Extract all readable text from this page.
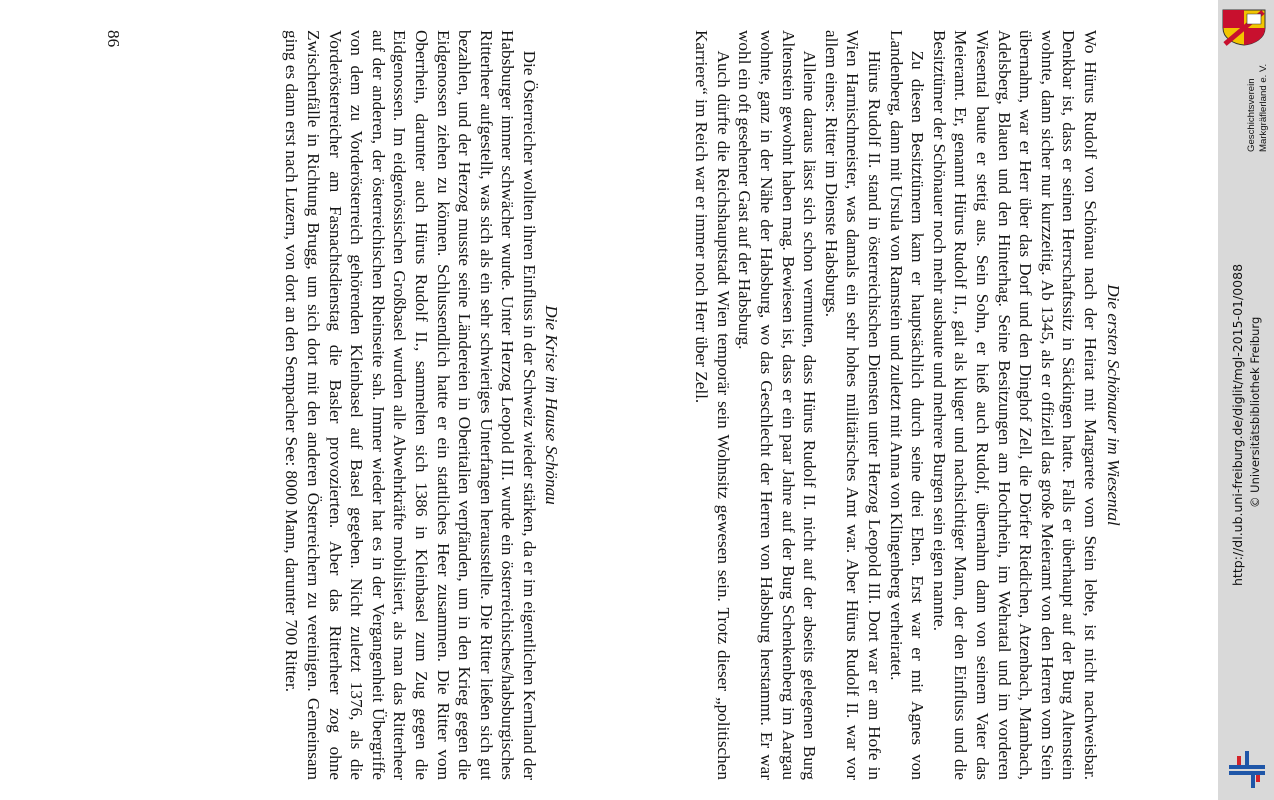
Die ersten Schönauer im Wiesental

Wo Hürus Rudolf von Schönau nach der Heirat mit Margarete vom Stein lebte, ist nicht nachweisbar. Denkbar ist, dass er seinen Herrschaftssitz in Säckingen hatte. Falls er überhaupt auf der Burg Altenstein wohnte, dann sicher nur kurzzeitig. Ab 1345, als er offiziell das große Meieramt von den Herren vom Stein übernahm, war er Herr über das Dorf und den Dinghof Zell, die Dörfer Riedichen, Atzenbach, Mambach, Adelsberg, Blauen und den Hinterhag. Seine Besitzungen am Hochrhein, im Wehratal und im vorderen Wiesental baute er stetig aus. Sein Sohn, er hieß auch Rudolf, übernahm dann von seinem Vater das Meieramt. Er, genannt Hürus Rudolf II., galt als kluger und nachsichtiger Mann, der den Einfluss und die Besitztümer der Schönauer noch mehr ausbaute und mehrere Burgen sein eigen nannte.

Zu diesen Besitztümern kam er hauptsächlich durch seine drei Ehen. Erst war er mit Agnes von Landenberg, dann mit Ursula von Ramstein und zuletzt mit Anna von Klingenberg verheiratet.

Hürus Rudolf II. stand in österreichischen Diensten unter Herzog Leopold III. Dort war er am Hofe in Wien Harnischmeister, was damals ein sehr hohes militärisches Amt war. Aber Hürus Rudolf II. war vor allem eines: Ritter im Dienste Habsburgs.

Alleine daraus lässt sich schon vermuten, dass Hürus Rudolf II. nicht auf der abseits gelegenen Burg Altenstein gewohnt haben mag. Bewiesen ist, dass er ein paar Jahre auf der Burg Schenkenberg im Aargau wohnte, ganz in der Nähe der Habsburg, wo das Geschlecht der Herren von Habsburg herstammt. Er war wohl ein oft gesehener Gast auf der Habsburg.

Auch dürfte die Reichshauptstadt Wien temporär sein Wohnsitz gewesen sein. Trotz dieser „politischen Karriere“ im Reich war er immer noch Herr über Zell.

Die Krise im Hause Schönau

Die Österreicher wollten ihren Einfluss in der Schweiz wieder stärken, da er im eigentlichen Kernland der Habsburger immer schwächer wurde. Unter Herzog Leopold III. wurde ein österreichisches/habsburgisches Ritterheer aufgestellt, was sich als ein sehr schwieriges Unterfangen herausstellte. Die Ritter ließen sich gut bezahlen, und der Herzog musste seine Ländereien in Oberitalien verpfänden, um in den Krieg gegen die Eidgenossen ziehen zu können. Schlussendlich hatte er ein stattliches Heer zusammen. Die Ritter vom Oberrhein, darunter auch Hürus Rudolf II., sammelten sich 1386 in Kleinbasel zum Zug gegen die Eidgenossen. Im eidgenössischen Großbasel wurden alle Abwehrkräfte mobilisiert, als man das Ritterheer auf der anderen, der österreichischen Rheinseite sah. Immer wieder hat es in der Vergangenheit Übergriffe von dem zu Vorderösterreich gehörenden Kleinbasel auf Basel gegeben. Nicht zuletzt 1376, als die Vorderösterreicher am Fasnachtsdienstag die Basler provozierten. Aber das Ritterheer zog ohne Zwischenfälle in Richtung Brugg, um sich dort mit den anderen Österreichern zu vereinigen. Gemeinsam ging es dann erst nach Luzern, von dort an den Sempacher See: 8000 Mann, darunter 700 Ritter.

86
Geschichtsverein Markgräflerland e. V.
http://dl.ub.uni-freiburg.de/diglit/mgl-2015-01/0088 © Universitätsbibliothek Freiburg
